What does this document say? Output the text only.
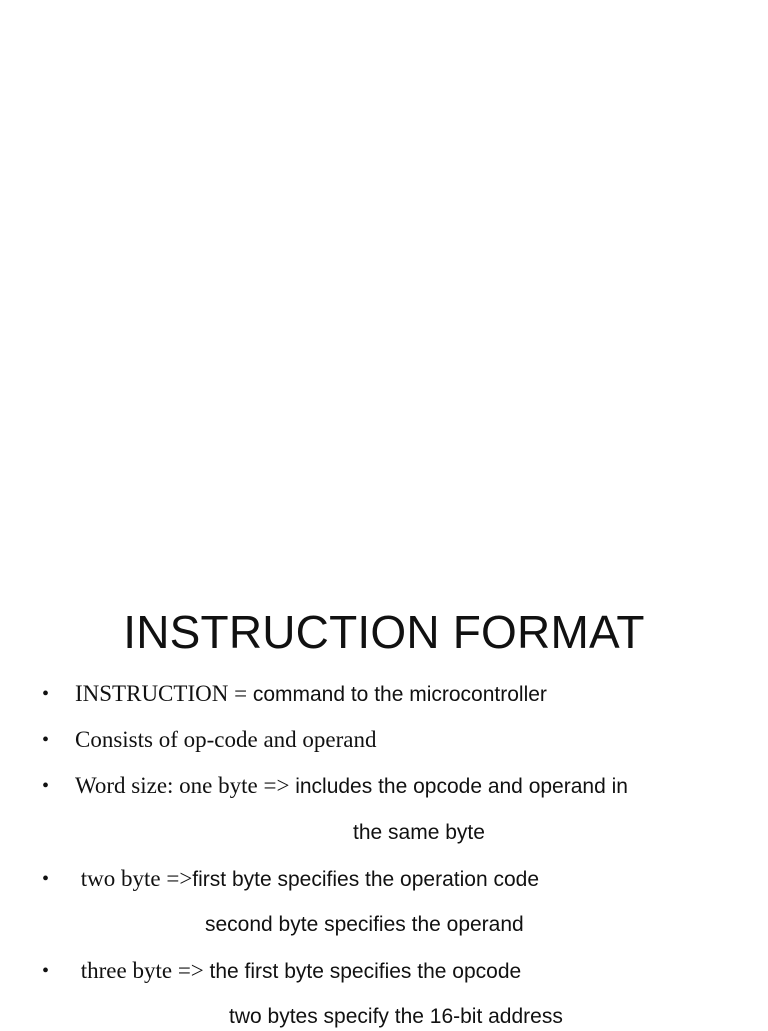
INSTRUCTION FORMAT
• INSTRUCTION = command to the microcontroller
• Consists of op-code and operand
• Word size: one byte => includes the opcode and operand in
the same byte
• two byte =>first byte specifies the operation code
second byte specifies the operand
• three byte => the first byte specifies the opcode
two bytes specify the 16-bit address
